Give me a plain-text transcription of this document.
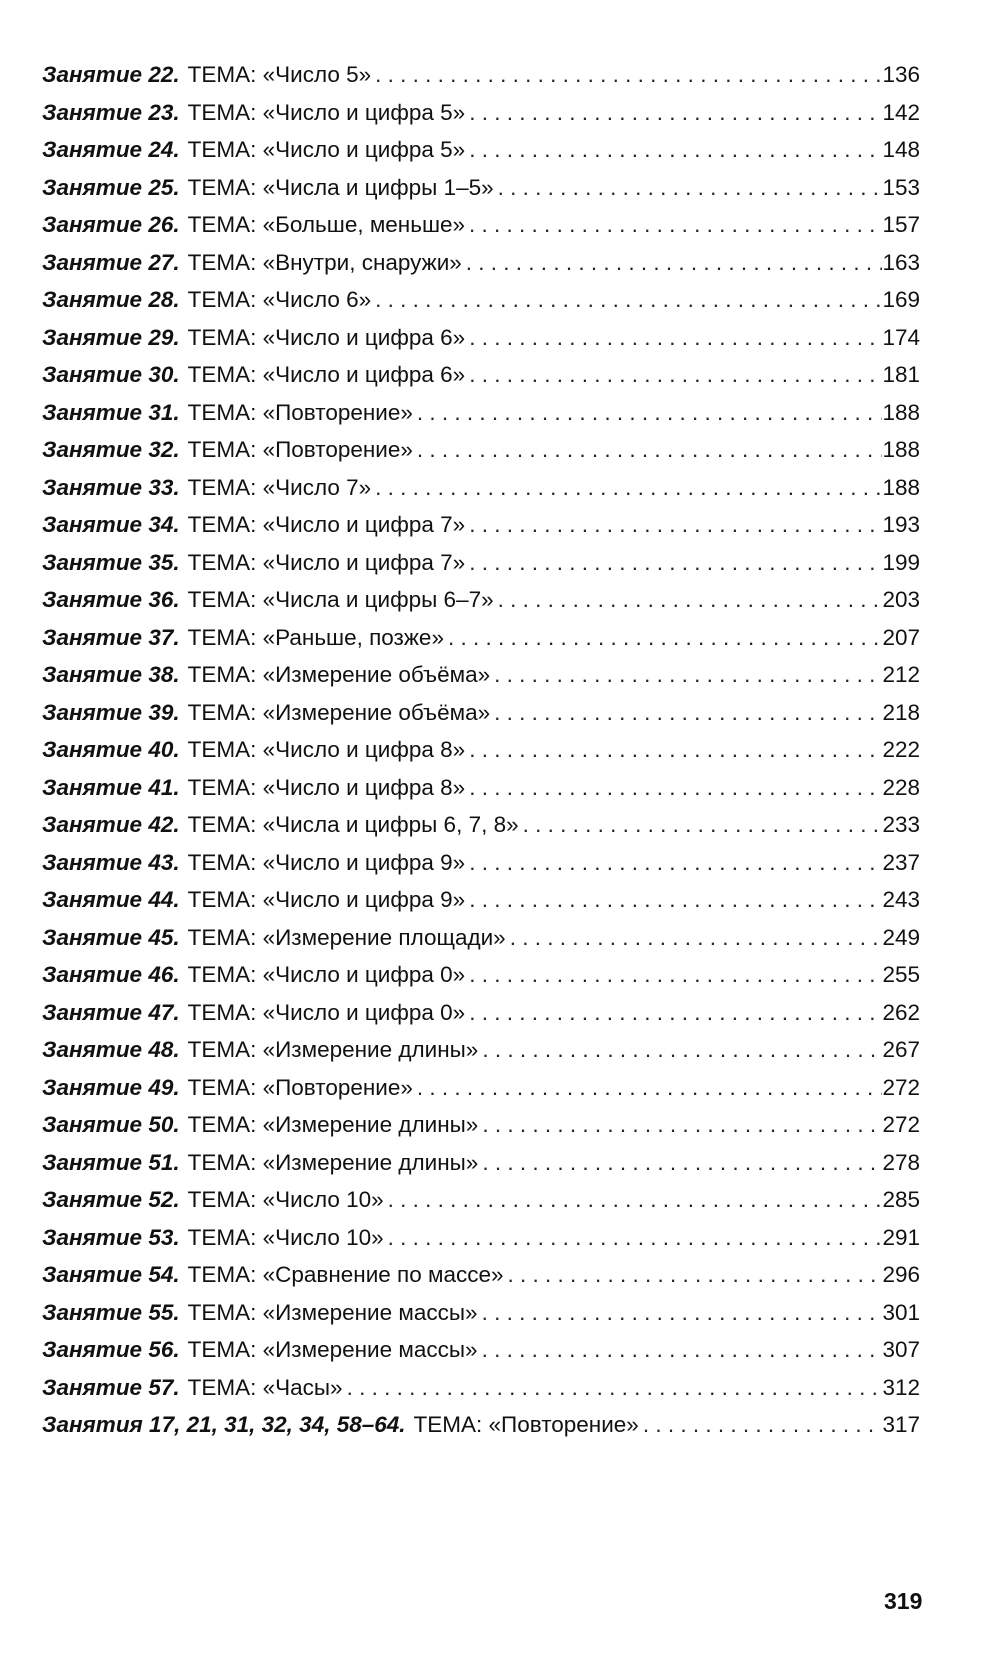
Занятие 22. ТЕМА: «Число 5» . . .	136
Занятие 23. ТЕМА: «Число и цифра 5» . . .	142
Занятие 24. ТЕМА: «Число и цифра 5» . . .	148
Занятие 25. ТЕМА: «Числа и цифры 1–5» . . .	153
Занятие 26. ТЕМА: «Больше, меньше» . . .	157
Занятие 27. ТЕМА: «Внутри, снаружи» . . .	163
Занятие 28. ТЕМА: «Число 6» . . .	169
Занятие 29. ТЕМА: «Число и цифра 6» . . .	174
Занятие 30. ТЕМА: «Число и цифра 6» . . .	181
Занятие 31. ТЕМА: «Повторение» . . .	188
Занятие 32. ТЕМА: «Повторение» . . .	188
Занятие 33. ТЕМА: «Число 7» . . .	188
Занятие 34. ТЕМА: «Число и цифра 7» . . .	193
Занятие 35. ТЕМА: «Число и цифра 7» . . .	199
Занятие 36. ТЕМА: «Числа и цифры 6–7» . . .	203
Занятие 37. ТЕМА: «Раньше, позже» . . .	207
Занятие 38. ТЕМА: «Измерение объёма» . . .	212
Занятие 39. ТЕМА: «Измерение объёма» . . .	218
Занятие 40. ТЕМА: «Число и цифра 8» . . .	222
Занятие 41. ТЕМА: «Число и цифра 8» . . .	228
Занятие 42. ТЕМА: «Числа и цифры 6, 7, 8» . . .	233
Занятие 43. ТЕМА: «Число и цифра 9» . . .	237
Занятие 44. ТЕМА: «Число и цифра 9» . . .	243
Занятие 45. ТЕМА: «Измерение площади» . . .	249
Занятие 46. ТЕМА: «Число и цифра 0» . . .	255
Занятие 47. ТЕМА: «Число и цифра 0» . . .	262
Занятие 48. ТЕМА: «Измерение длины» . . .	267
Занятие 49. ТЕМА: «Повторение» . . .	272
Занятие 50. ТЕМА: «Измерение длины» . . .	272
Занятие 51. ТЕМА: «Измерение длины» . . .	278
Занятие 52. ТЕМА: «Число 10» . . .	285
Занятие 53. ТЕМА: «Число 10» . . .	291
Занятие 54. ТЕМА: «Сравнение по массе» . . .	296
Занятие 55. ТЕМА: «Измерение массы» . . .	301
Занятие 56. ТЕМА: «Измерение массы» . . .	307
Занятие 57. ТЕМА: «Часы» . . .	312
Занятия 17, 21, 31, 32, 34, 58–64. ТЕМА: «Повторение» . . .	317
319
